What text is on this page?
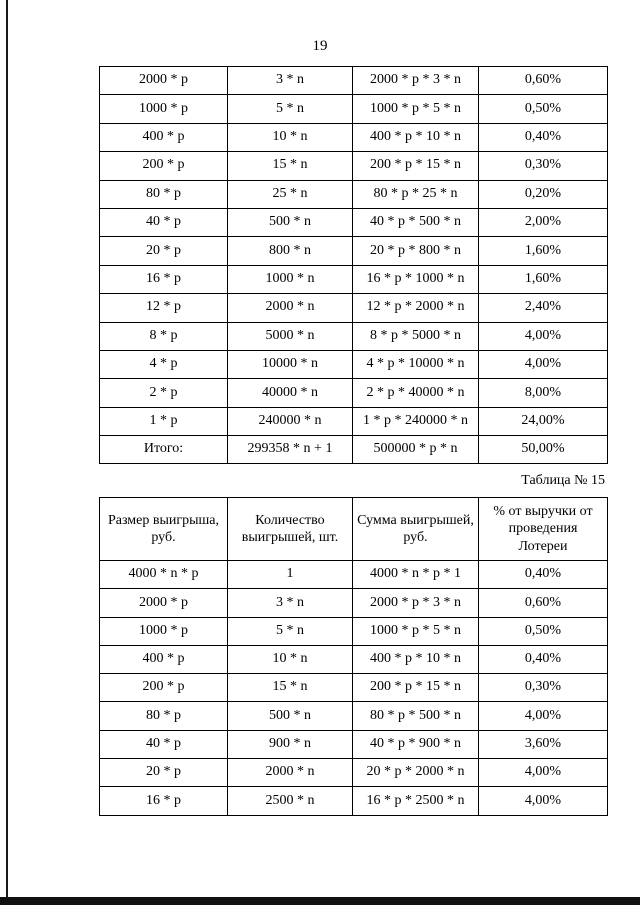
19
2000 * p	3 * n	2000 * p * 3 * n	0,60%
1000 * p	5 * n	1000 * p * 5 * n	0,50%
400 * p	10 * n	400 * p * 10 * n	0,40%
200 * p	15 * n	200 * p * 15 * n	0,30%
80 * p	25 * n	80 * p * 25 * n	0,20%
40 * p	500 * n	40 * p * 500 * n	2,00%
20 * p	800 * n	20 * p * 800 * n	1,60%
16 * p	1000 * n	16 * p * 1000 * n	1,60%
12 * p	2000 * n	12 * p * 2000 * n	2,40%
8 * p	5000 * n	8 * p * 5000 * n	4,00%
4 * p	10000 * n	4 * p * 10000 * n	4,00%
2 * p	40000 * n	2 * p * 40000 * n	8,00%
1 * p	240000 * n	1 * p * 240000 * n	24,00%
Итого:	299358 * n + 1	500000 * p * n	50,00%
Таблица № 15
Размер выигрыша, руб.	Количество выигрышей, шт.	Сумма выигрышей, руб.	% от выручки от проведения Лотереи
4000 * n * p	1	4000 * n * p * 1	0,40%
2000 * p	3 * n	2000 * p * 3 * n	0,60%
1000 * p	5 * n	1000 * p * 5 * n	0,50%
400 * p	10 * n	400 * p * 10 * n	0,40%
200 * p	15 * n	200 * p * 15 * n	0,30%
80 * p	500 * n	80 * p * 500 * n	4,00%
40 * p	900 * n	40 * p * 900 * n	3,60%
20 * p	2000 * n	20 * p * 2000 * n	4,00%
16 * p	2500 * n	16 * p * 2500 * n	4,00%
